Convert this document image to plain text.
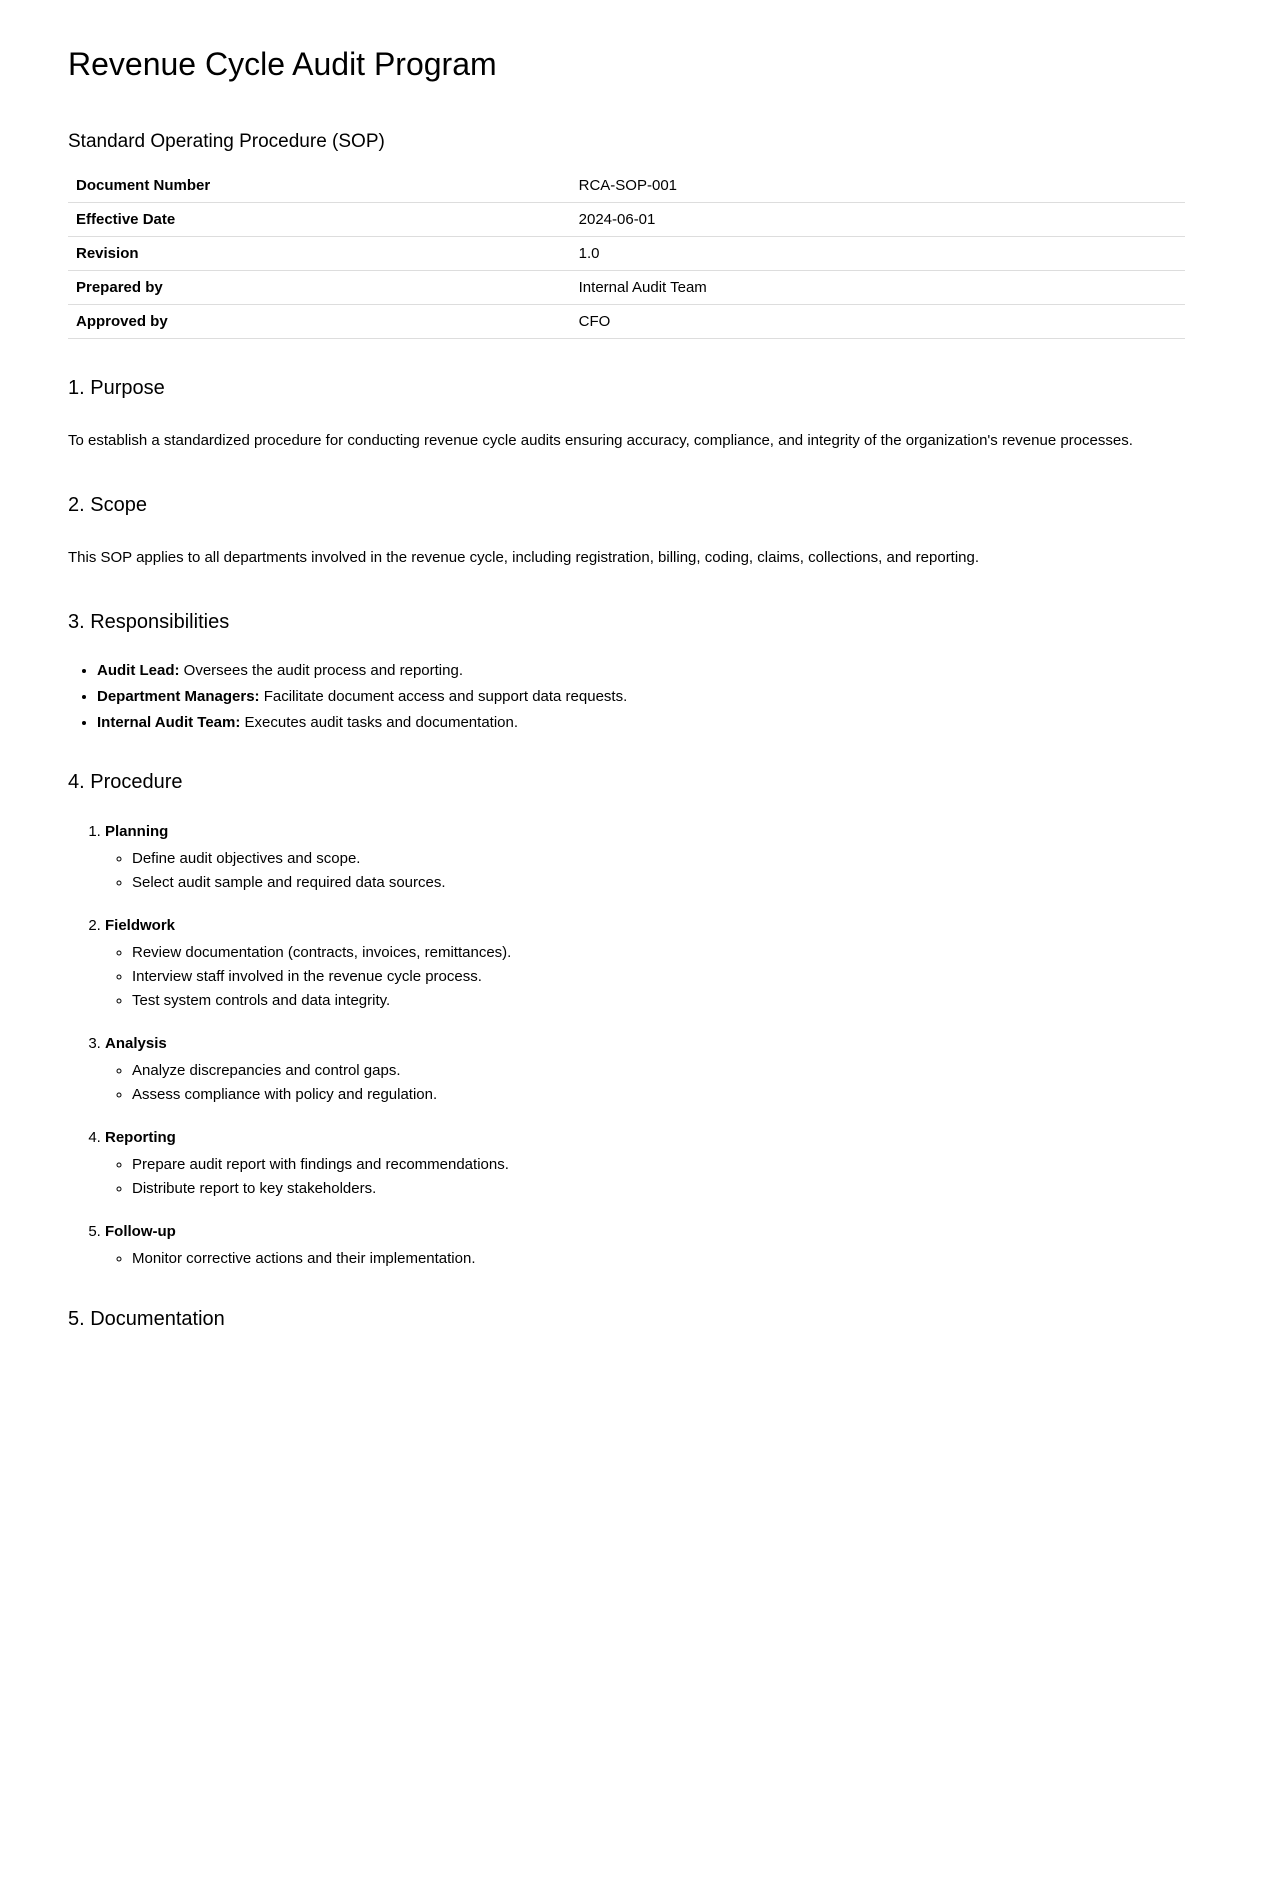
Revenue Cycle Audit Program
Standard Operating Procedure (SOP)
Document Number	RCA-SOP-001
Effective Date	2024-06-01
Revision	1.0
Prepared by	Internal Audit Team
Approved by	CFO
1. Purpose

To establish a standardized procedure for conducting revenue cycle audits ensuring accuracy, compliance, and integrity of the organization's revenue processes.

2. Scope

This SOP applies to all departments involved in the revenue cycle, including registration, billing, coding, claims, collections, and reporting.

3. Responsibilities
• Audit Lead: Oversees the audit process and reporting.
• Department Managers: Facilitate document access and support data requests.
• Internal Audit Team: Executes audit tasks and documentation.
4. Procedure
1. Planning
◦ Define audit objectives and scope.
◦ Select audit sample and required data sources.
2. Fieldwork
◦ Review documentation (contracts, invoices, remittances).
◦ Interview staff involved in the revenue cycle process.
◦ Test system controls and data integrity.
3. Analysis
◦ Analyze discrepancies and control gaps.
◦ Assess compliance with policy and regulation.
4. Reporting
◦ Prepare audit report with findings and recommendations.
◦ Distribute report to key stakeholders.
5. Follow-up
◦ Monitor corrective actions and their implementation.
5. Documentation
